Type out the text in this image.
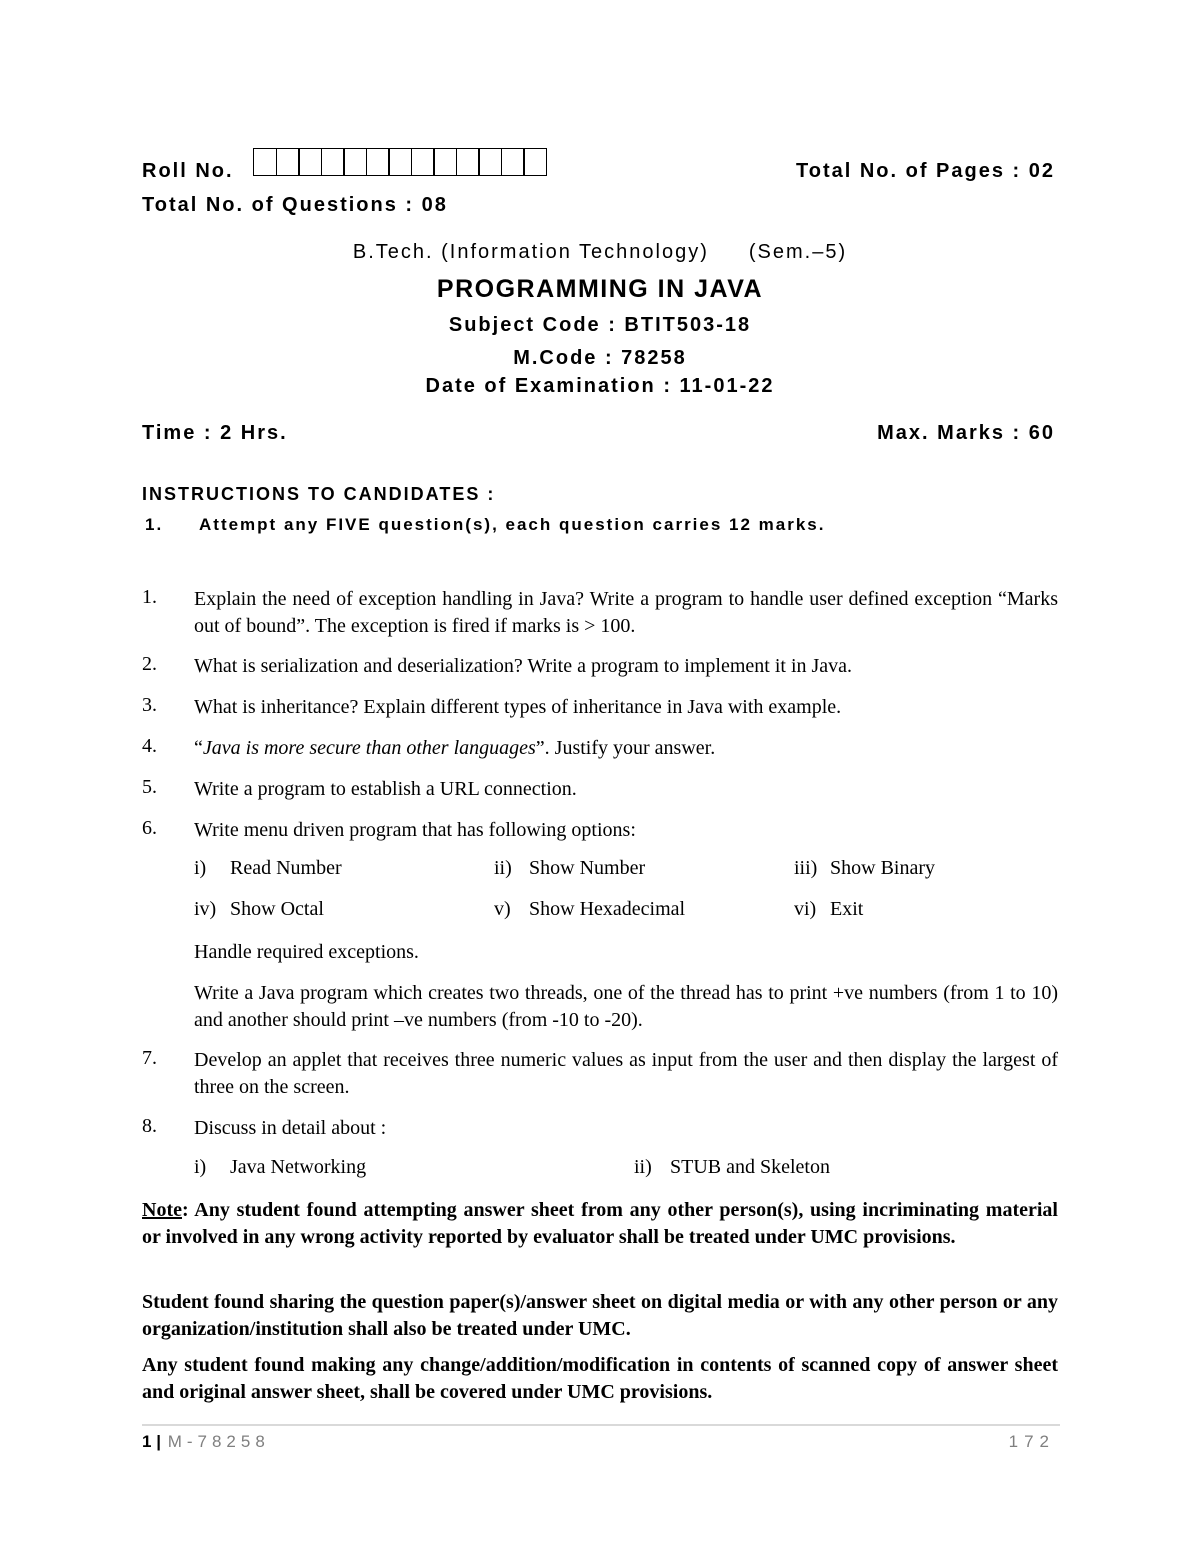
Roll No.	Total No. of Pages : 02
Total No. of Questions : 08
B.Tech. (Information Technology) (Sem.–5)
PROGRAMMING IN JAVA
Subject Code : BTIT503-18
M.Code : 78258
Date of Examination : 11-01-22
Time : 2 Hrs.	Max. Marks : 60
INSTRUCTIONS TO CANDIDATES :
1. Attempt any FIVE question(s), each question carries 12 marks.
1. Explain the need of exception handling in Java? Write a program to handle user defined exception “Marks out of bound”. The exception is fired if marks is > 100.
2. What is serialization and deserialization? Write a program to implement it in Java.
3. What is inheritance? Explain different types of inheritance in Java with example.
4. “Java is more secure than other languages”. Justify your answer.
5. Write a program to establish a URL connection.
6. Write menu driven program that has following options:
i) Read Number	ii) Show Number	iii) Show Binary
iv) Show Octal	v) Show Hexadecimal	vi) Exit
Handle required exceptions.
Write a Java program which creates two threads, one of the thread has to print +ve numbers (from 1 to 10) and another should print –ve numbers (from -10 to -20).
7. Develop an applet that receives three numeric values as input from the user and then display the largest of three on the screen.
8. Discuss in detail about :
i) Java Networking	ii) STUB and Skeleton
Note: Any student found attempting answer sheet from any other person(s), using incriminating material or involved in any wrong activity reported by evaluator shall be treated under UMC provisions.
Student found sharing the question paper(s)/answer sheet on digital media or with any other person or any organization/institution shall also be treated under UMC.
Any student found making any change/addition/modification in contents of scanned copy of answer sheet and original answer sheet, shall be covered under UMC provisions.
1 | M-78258	172
